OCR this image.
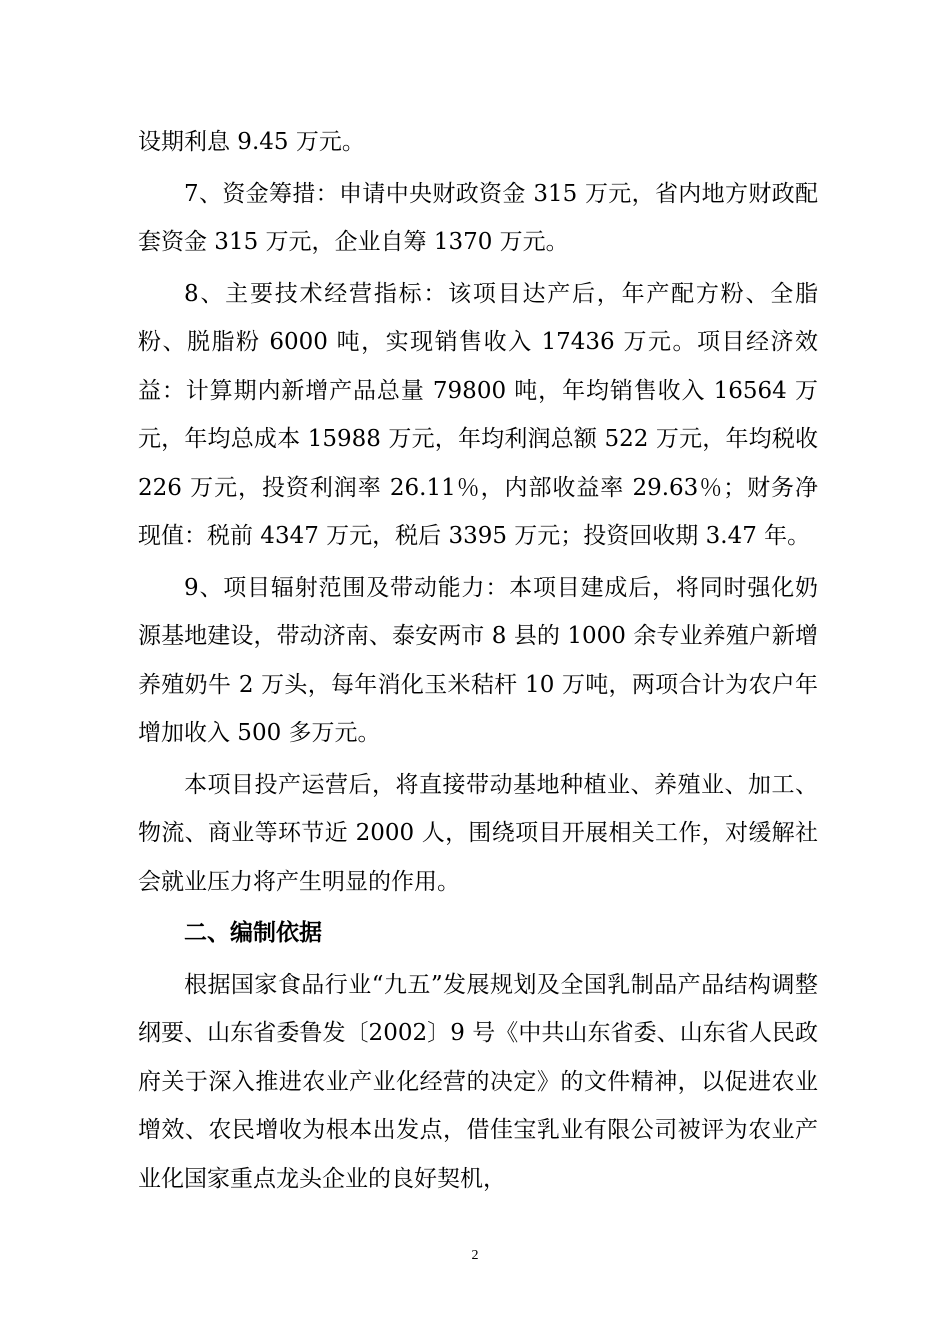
设期利息 9.45 万元。

7、资金筹措：申请中央财政资金 315 万元，省内地方财政配套资金 315 万元，企业自筹 1370 万元。

8、主要技术经营指标：该项目达产后，年产配方粉、全脂粉、脱脂粉 6000 吨，实现销售收入 17436 万元。项目经济效益：计算期内新增产品总量 79800 吨，年均销售收入 16564 万元，年均总成本 15988 万元，年均利润总额 522 万元，年均税收 226 万元，投资利润率 26.11％，内部收益率 29.63％；财务净现值：税前 4347 万元，税后 3395 万元；投资回收期 3.47 年。

9、项目辐射范围及带动能力：本项目建成后，将同时强化奶源基地建设，带动济南、泰安两市 8 县的 1000 余专业养殖户新增养殖奶牛 2 万头，每年消化玉米秸杆 10 万吨，两项合计为农户年增加收入 500 多万元。

本项目投产运营后，将直接带动基地种植业、养殖业、加工、物流、商业等环节近 2000 人，围绕项目开展相关工作，对缓解社会就业压力将产生明显的作用。

二、编制依据

根据国家食品行业“九五”发展规划及全国乳制品产品结构调整纲要、山东省委鲁发〔2002〕9 号《中共山东省委、山东省人民政府关于深入推进农业产业化经营的决定》的文件精神，以促进农业增效、农民增收为根本出发点，借佳宝乳业有限公司被评为农业产业化国家重点龙头企业的良好契机，

2
